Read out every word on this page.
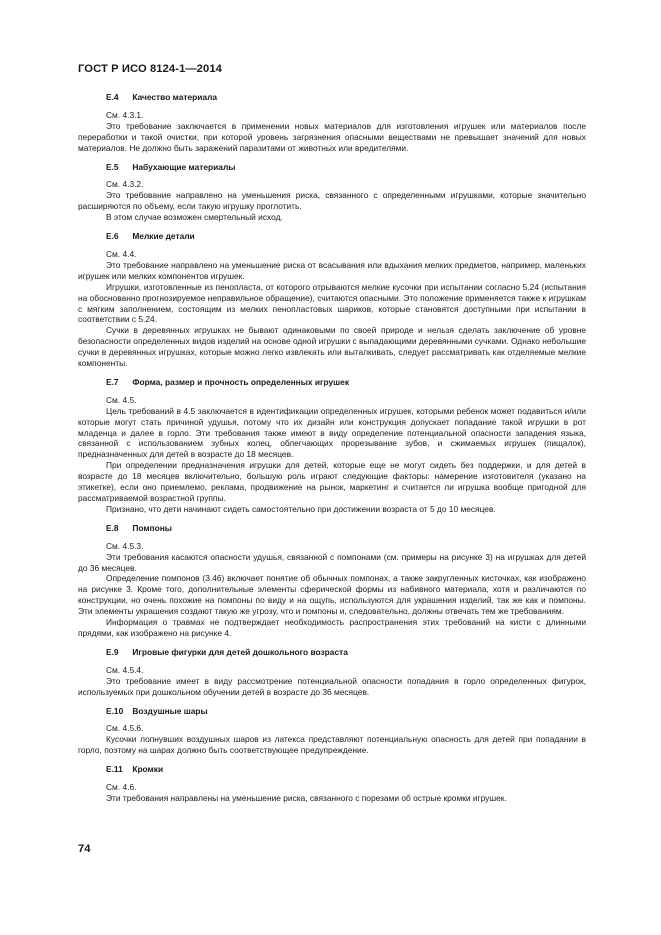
ГОСТ Р ИСО 8124-1—2014
E.4 Качество материала
См. 4.3.1.
Это требование заключается в применении новых материалов для изготовления игрушек или материалов после переработки и такой очистки, при которой уровень загрязнения опасными веществами не превышает значений для новых материалов. Не должно быть заражений паразитами от животных или вредителями.
E.5 Набухающие материалы
См. 4.3.2.
Это требование направлено на уменьшения риска, связанного с определенными игрушками, которые значительно расширяются по объему, если такую игрушку проглотить.
В этом случае возможен смертельный исход.
E.6 Мелкие детали
См. 4.4.
Это требование направлено на уменьшение риска от всасывания или вдыхания мелких предметов, например, маленьких игрушек или мелких компонентов игрушек.
Игрушки, изготовленные из пенопласта, от которого отрываются мелкие кусочки при испытании согласно 5.24 (испытания на обоснованно прогнозируемое неправильное обращение), считаются опасными. Это положение применяется также к игрушкам с мягким заполнением, состоящим из мелких пенопластовых шариков, которые становятся доступными при испытании в соответствии с 5.24.
Сучки в деревянных игрушках не бывают одинаковыми по своей природе и нельзя сделать заключение об уровне безопасности определенных видов изделий на основе одной игрушки с выпадающими деревянными сучками. Однако небольшие сучки в деревянных игрушках, которые можно легко извлекать или выталкивать, следует рассматривать как отделяемые мелкие компоненты.
E.7 Форма, размер и прочность определенных игрушек
См. 4.5.
Цель требований в 4.5 заключается в идентификации определенных игрушек, которыми ребенок может подавиться и/или которые могут стать причиной удушья, потому что их дизайн или конструкция допускает попадание такой игрушки в рот младенца и далее в горло. Эти требования также имеют в виду определение потенциальной опасности западения языка, связанной с использованием зубных колец, облегчающих прорезывание зубов, и сжимаемых игрушек (пищалок), предназначенных для детей в возрасте до 18 месяцев.
При определении предназначения игрушки для детей, которые еще не могут сидеть без поддержки, и для детей в возрасте до 18 месяцев включительно, большую роль играют следующие факторы: намерение изготовителя (указано на этикетке), если оно приемлемо, реклама, продвижение на рынок, маркетинг и считается ли игрушка вообще пригодной для рассматриваемой возрастной группы.
Признано, что дети начинают сидеть самостоятельно при достижении возраста от 5 до 10 месяцев.
E.8 Помпоны
См. 4.5.3.
Эти требования касаются опасности удушья, связанной с помпонами (см. примеры на рисунке 3) на игрушках для детей до 36 месяцев.
Определение помпонов (3.46) включает понятие об обычных помпонах, а также закругленных кисточках, как изображено на рисунке 3. Кроме того, дополнительные элементы сферической формы из набивного материала, хотя и различаются по конструкции, но очень похожие на помпоны по виду и на ощупь, используются для украшения изделий, так же как и помпоны. Эти элементы украшения создают такую же угрозу, что и помпоны и, следовательно, должны отвечать тем же требованиям.
Информация о травмах не подтверждает необходимость распространения этих требований на кисти с длинными прядями, как изображено на рисунке 4.
E.9 Игровые фигурки для детей дошкольного возраста
См. 4.5.4.
Это требование имеет в виду рассмотрение потенциальной опасности попадания в горло определенных фигурок, используемых при дошкольном обучении детей в возрасте до 36 месяцев.
E.10 Воздушные шары
См. 4.5.6.
Кусочки лопнувших воздушных шаров из латекса представляют потенциальную опасность для детей при попадании в горло, поэтому на шарах должно быть соответствующее предупреждение.
E.11 Кромки
См. 4.6.
Эти требования направлены на уменьшение риска, связанного с порезами об острые кромки игрушек.
74
